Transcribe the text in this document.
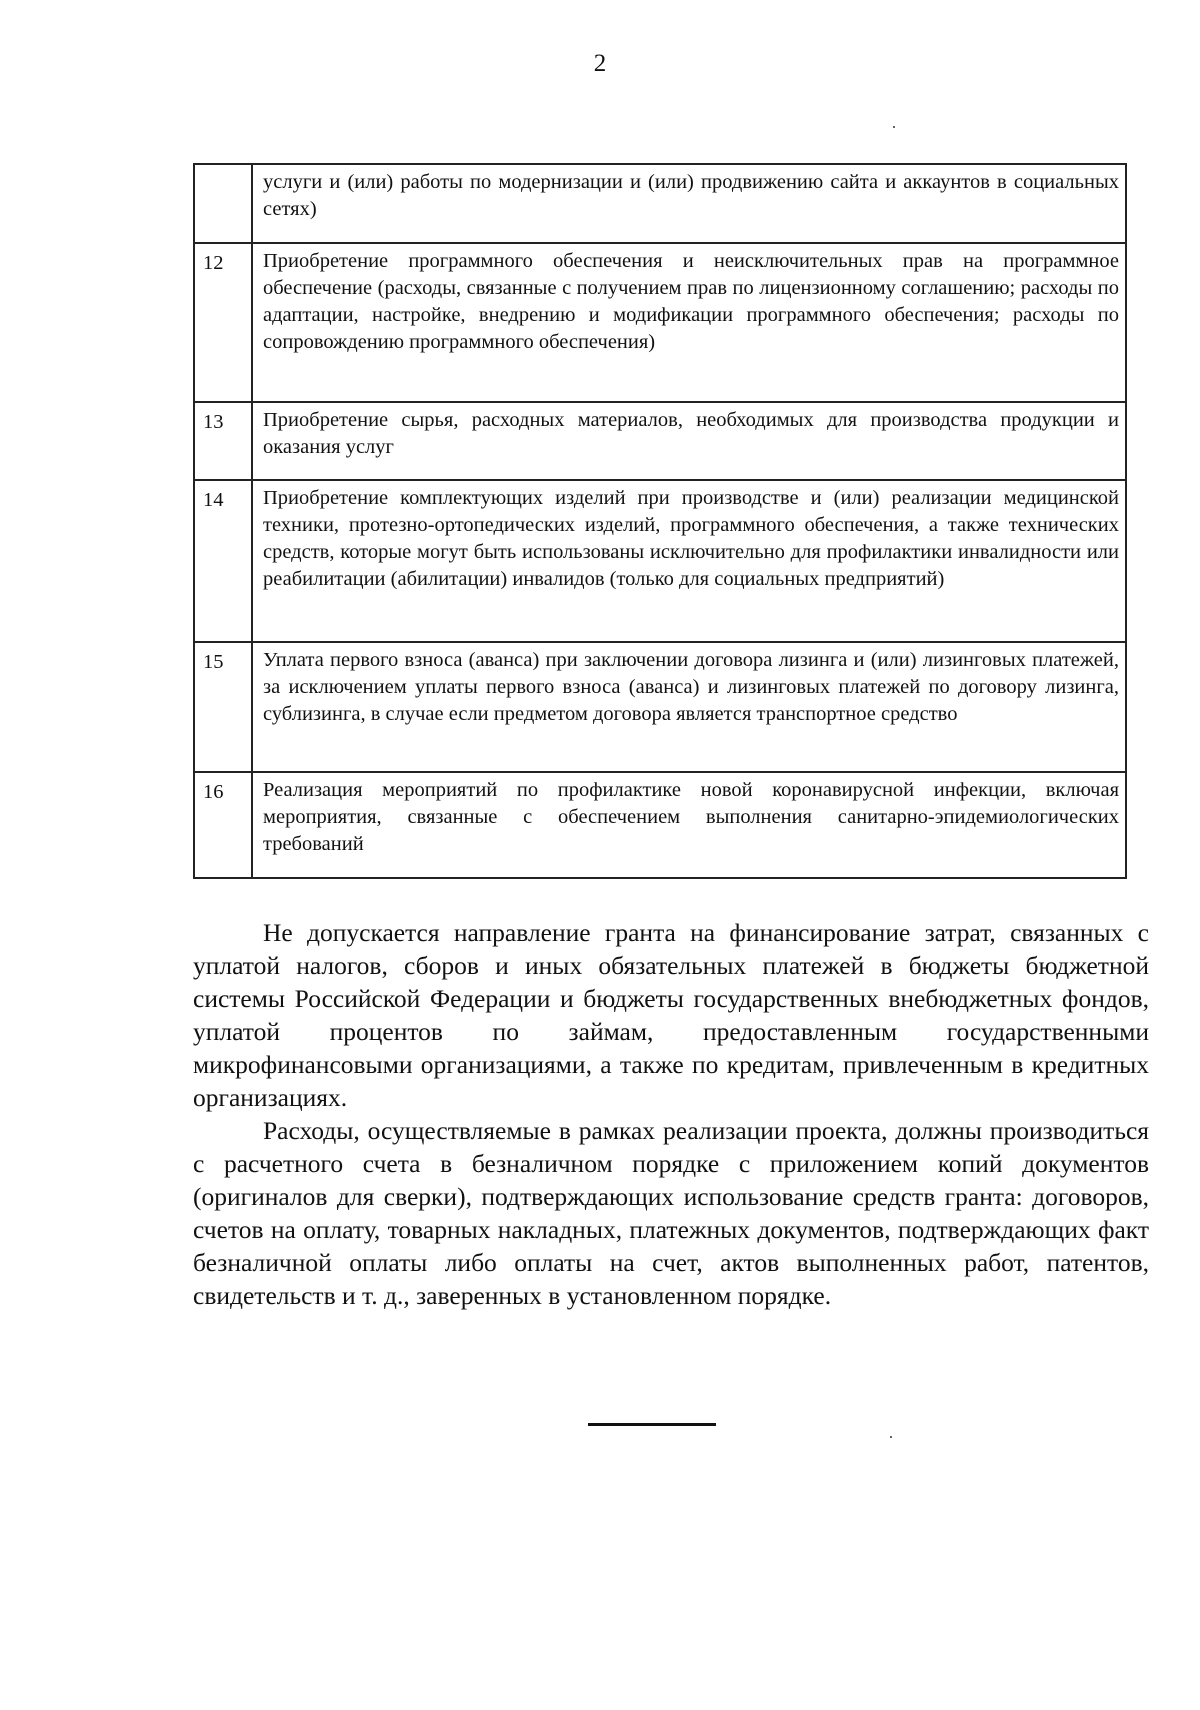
2
	услуги и (или) работы по модернизации и (или) продвижению сайта и аккаунтов в социальных сетях)
12	Приобретение программного обеспечения и неисключительных прав на программное обеспечение (расходы, связанные с получением прав по лицензионному соглашению; расходы по адаптации, настройке, внедрению и модификации программного обеспечения; расходы по сопровождению программного обеспечения)
13	Приобретение сырья, расходных материалов, необходимых для производства продукции и оказания услуг
14	Приобретение комплектующих изделий при производстве и (или) реализации медицинской техники, протезно-ортопедических изделий, программного обеспечения, а также технических средств, которые могут быть использованы исключительно для профилактики инвалидности или реабилитации (абилитации) инвалидов (только для социальных предприятий)
15	Уплата первого взноса (аванса) при заключении договора лизинга и (или) лизинговых платежей, за исключением уплаты первого взноса (аванса) и лизинговых платежей по договору лизинга, сублизинга, в случае если предметом договора является транспортное средство
16	Реализация мероприятий по профилактике новой коронавирусной инфекции, включая мероприятия, связанные с обеспечением выполнения санитарно-эпидемиологических требований

Не допускается направление гранта на финансирование затрат, связанных с уплатой налогов, сборов и иных обязательных платежей в бюджеты бюджетной системы Российской Федерации и бюджеты государственных внебюджетных фондов, уплатой процентов по займам, предоставленным государственными микрофинансовыми организациями, а также по кредитам, привлеченным в кредитных организациях.

Расходы, осуществляемые в рамках реализации проекта, должны производиться с расчетного счета в безналичном порядке с приложением копий документов (оригиналов для сверки), подтверждающих использование средств гранта: договоров, счетов на оплату, товарных накладных, платежных документов, подтверждающих факт безналичной оплаты либо оплаты на счет, актов выполненных работ, патентов, свидетельств и т. д., заверенных в установленном порядке.
